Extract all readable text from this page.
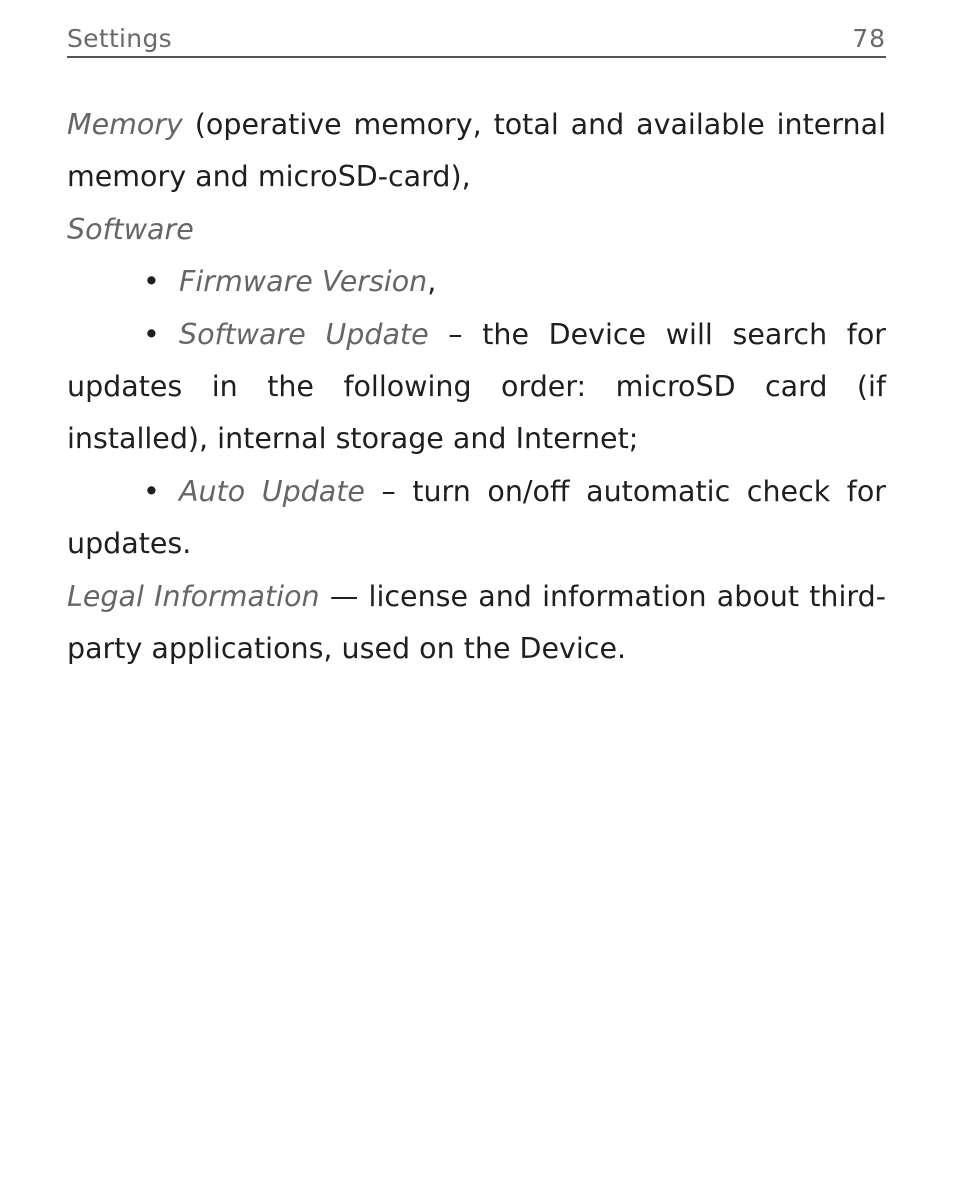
Settings	78

Memory (operative memory, total and available internal memory and microSD-card),

Software

• Firmware Version,

• Software Update – the Device will search for updates in the following order: microSD card (if installed), internal storage and Internet;

• Auto Update – turn on/off automatic check for updates.

Legal Information — license and information about third-party applications, used on the Device.
